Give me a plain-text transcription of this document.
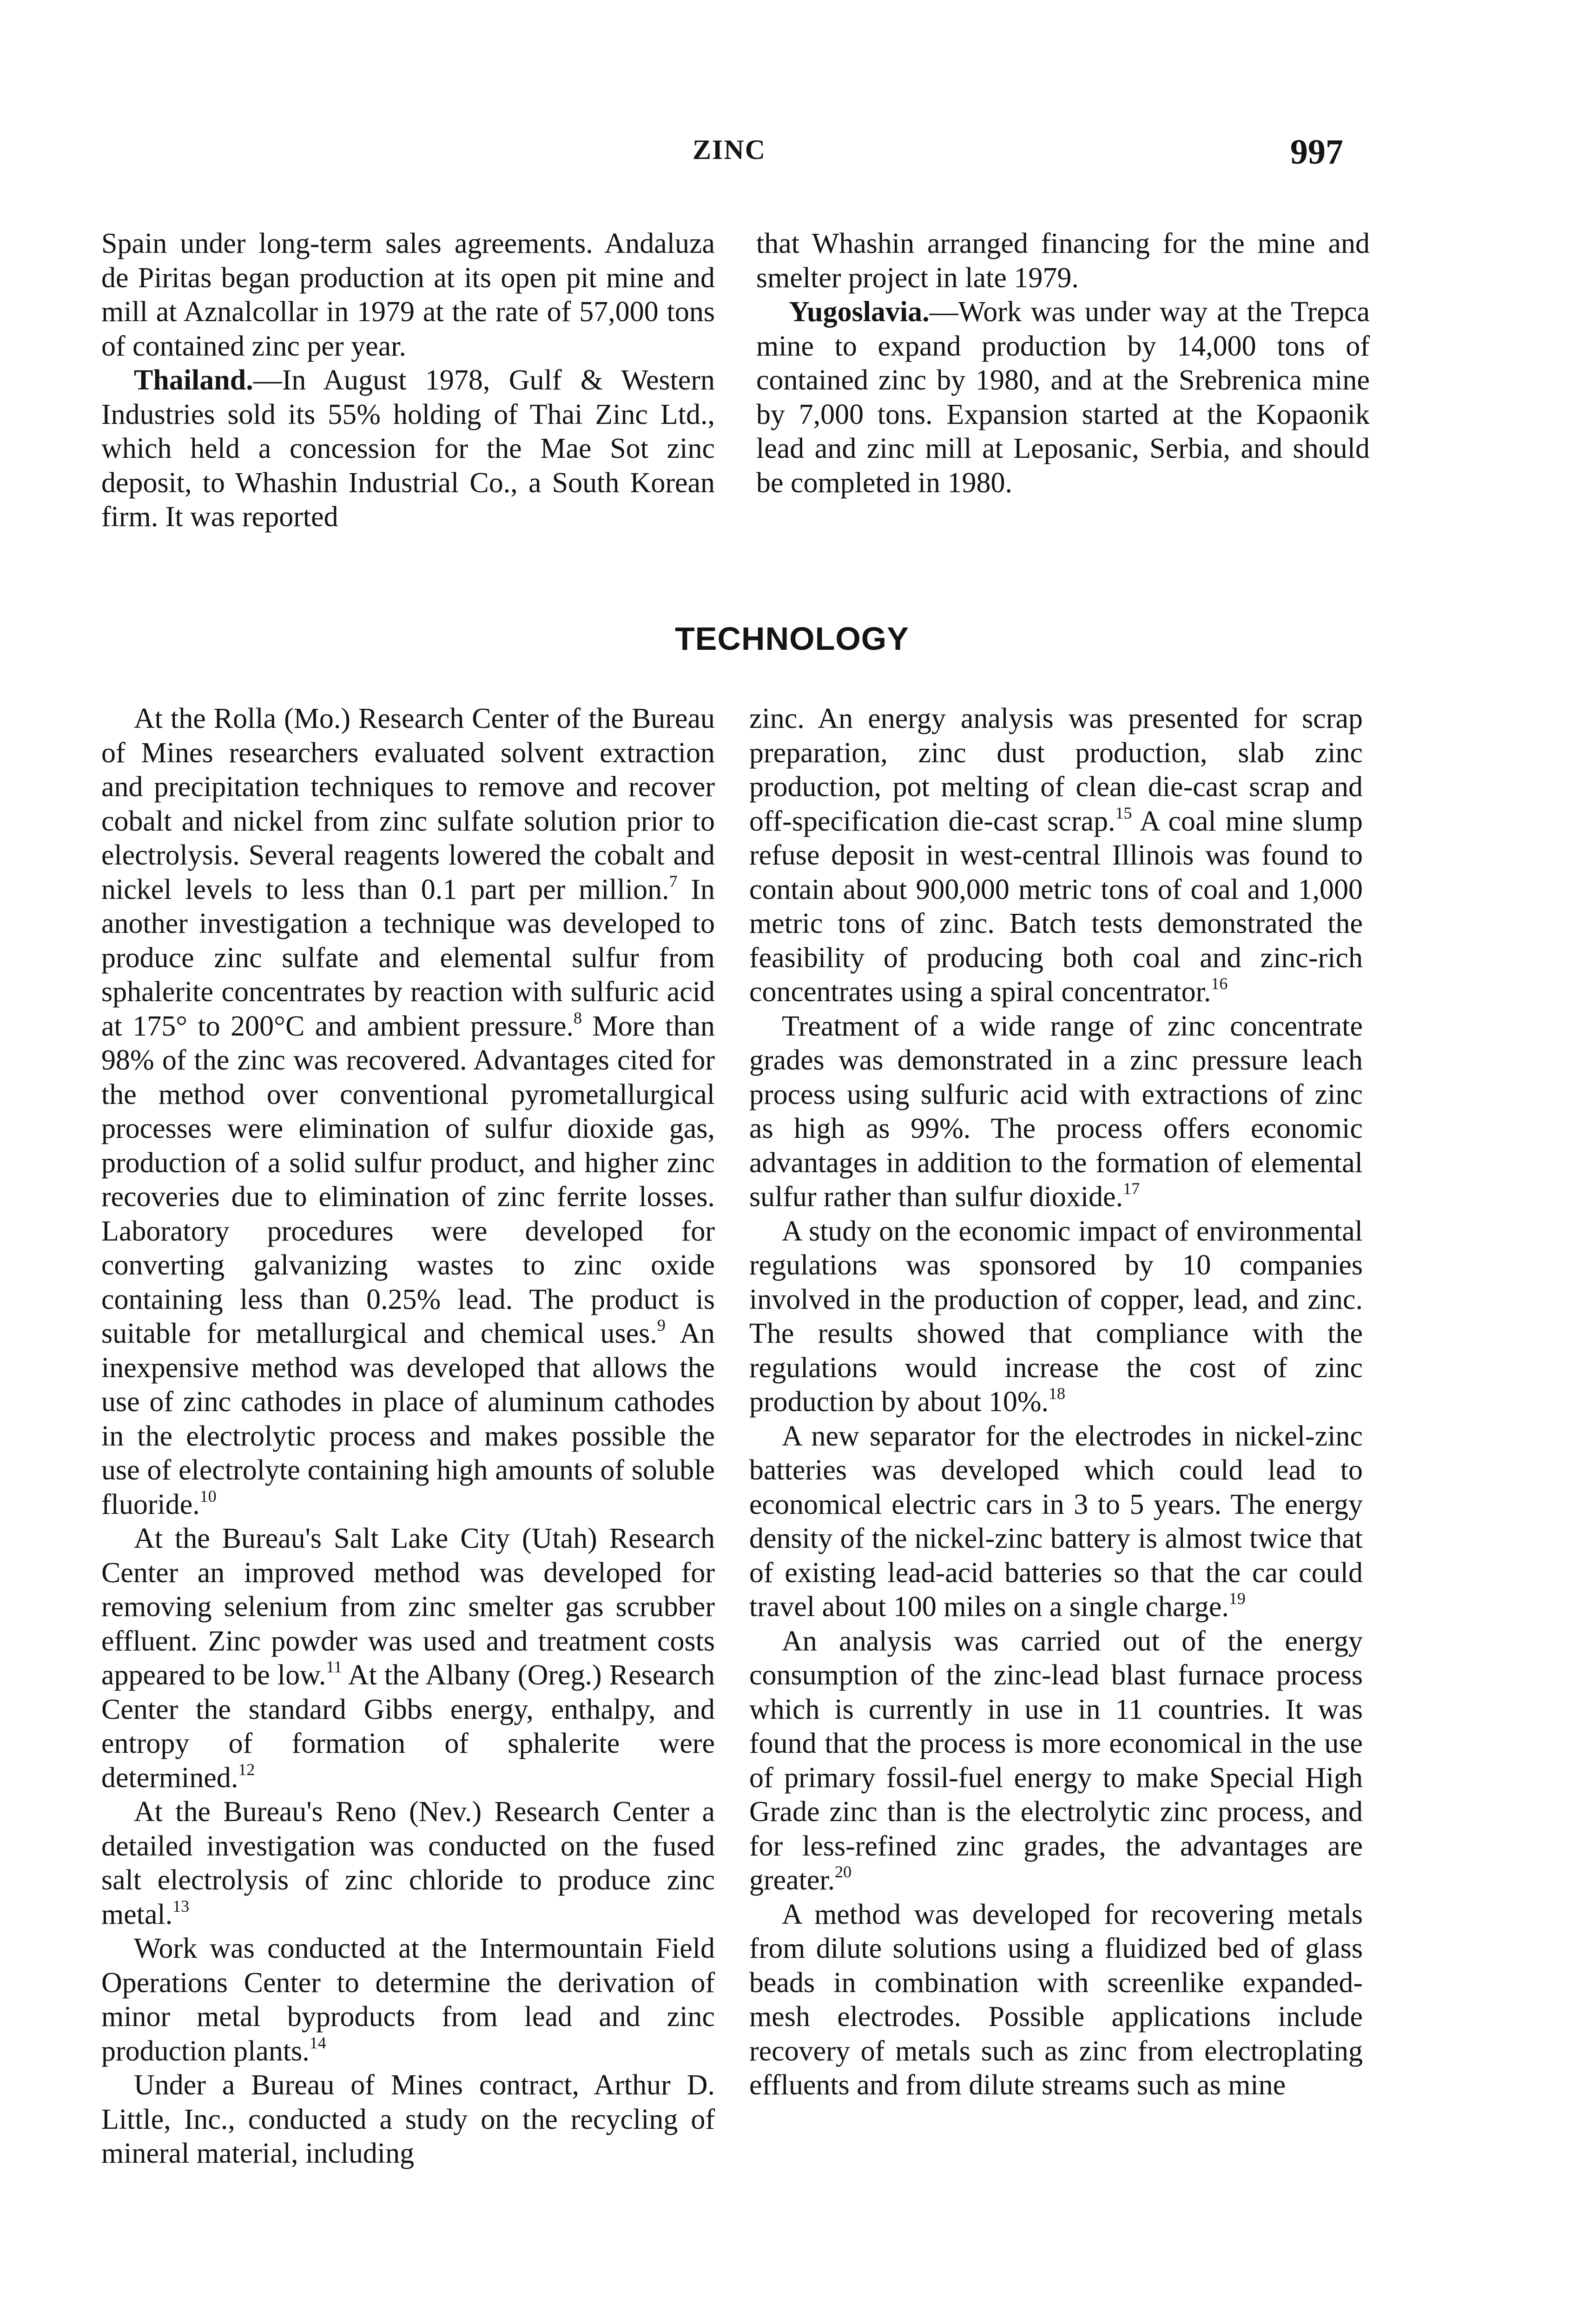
ZINC	997

Spain under long-term sales agreements. Andaluza de Piritas began production at its open pit mine and mill at Aznalcollar in 1979 at the rate of 57,000 tons of contained zinc per year.

Thailand.—In August 1978, Gulf & Western Industries sold its 55% holding of Thai Zinc Ltd., which held a concession for the Mae Sot zinc deposit, to Whashin Industrial Co., a South Korean firm. It was reported

that Whashin arranged financing for the mine and smelter project in late 1979.

Yugoslavia.—Work was under way at the Trepca mine to expand production by 14,000 tons of contained zinc by 1980, and at the Srebrenica mine by 7,000 tons. Expansion started at the Kopaonik lead and zinc mill at Leposanic, Serbia, and should be completed in 1980.

TECHNOLOGY

At the Rolla (Mo.) Research Center of the Bureau of Mines researchers evaluated solvent extraction and precipitation techniques to remove and recover cobalt and nickel from zinc sulfate solution prior to electrolysis. Several reagents lowered the cobalt and nickel levels to less than 0.1 part per million.$^7$ In another investigation a technique was developed to produce zinc sulfate and elemental sulfur from sphalerite concentrates by reaction with sulfuric acid at 175° to 200°C and ambient pressure.$^8$ More than 98% of the zinc was recovered. Advantages cited for the method over conventional pyrometallurgical processes were elimination of sulfur dioxide gas, production of a solid sulfur product, and higher zinc recoveries due to elimination of zinc ferrite losses. Laboratory procedures were developed for converting galvanizing wastes to zinc oxide containing less than 0.25% lead. The product is suitable for metallurgical and chemical uses.$^9$ An inexpensive method was developed that allows the use of zinc cathodes in place of aluminum cathodes in the electrolytic process and makes possible the use of electrolyte containing high amounts of soluble fluoride.$^{10}$

At the Bureau's Salt Lake City (Utah) Research Center an improved method was developed for removing selenium from zinc smelter gas scrubber effluent. Zinc powder was used and treatment costs appeared to be low.$^{11}$ At the Albany (Oreg.) Research Center the standard Gibbs energy, enthalpy, and entropy of formation of sphalerite were determined.$^{12}$

At the Bureau's Reno (Nev.) Research Center a detailed investigation was conducted on the fused salt electrolysis of zinc chloride to produce zinc metal.$^{13}$

Work was conducted at the Intermountain Field Operations Center to determine the derivation of minor metal byproducts from lead and zinc production plants.$^{14}$

Under a Bureau of Mines contract, Arthur D. Little, Inc., conducted a study on the recycling of mineral material, including

zinc. An energy analysis was presented for scrap preparation, zinc dust production, slab zinc production, pot melting of clean die-cast scrap and off-specification die-cast scrap.$^{15}$ A coal mine slump refuse deposit in west-central Illinois was found to contain about 900,000 metric tons of coal and 1,000 metric tons of zinc. Batch tests demonstrated the feasibility of producing both coal and zinc-rich concentrates using a spiral concentrator.$^{16}$

Treatment of a wide range of zinc concentrate grades was demonstrated in a zinc pressure leach process using sulfuric acid with extractions of zinc as high as 99%. The process offers economic advantages in addition to the formation of elemental sulfur rather than sulfur dioxide.$^{17}$

A study on the economic impact of environmental regulations was sponsored by 10 companies involved in the production of copper, lead, and zinc. The results showed that compliance with the regulations would increase the cost of zinc production by about 10%.$^{18}$

A new separator for the electrodes in nickel-zinc batteries was developed which could lead to economical electric cars in 3 to 5 years. The energy density of the nickel-zinc battery is almost twice that of existing lead-acid batteries so that the car could travel about 100 miles on a single charge.$^{19}$

An analysis was carried out of the energy consumption of the zinc-lead blast furnace process which is currently in use in 11 countries. It was found that the process is more economical in the use of primary fossil-fuel energy to make Special High Grade zinc than is the electrolytic zinc process, and for less-refined zinc grades, the advantages are greater.$^{20}$

A method was developed for recovering metals from dilute solutions using a fluidized bed of glass beads in combination with screenlike expanded-mesh electrodes. Possible applications include recovery of metals such as zinc from electroplating effluents and from dilute streams such as mine
